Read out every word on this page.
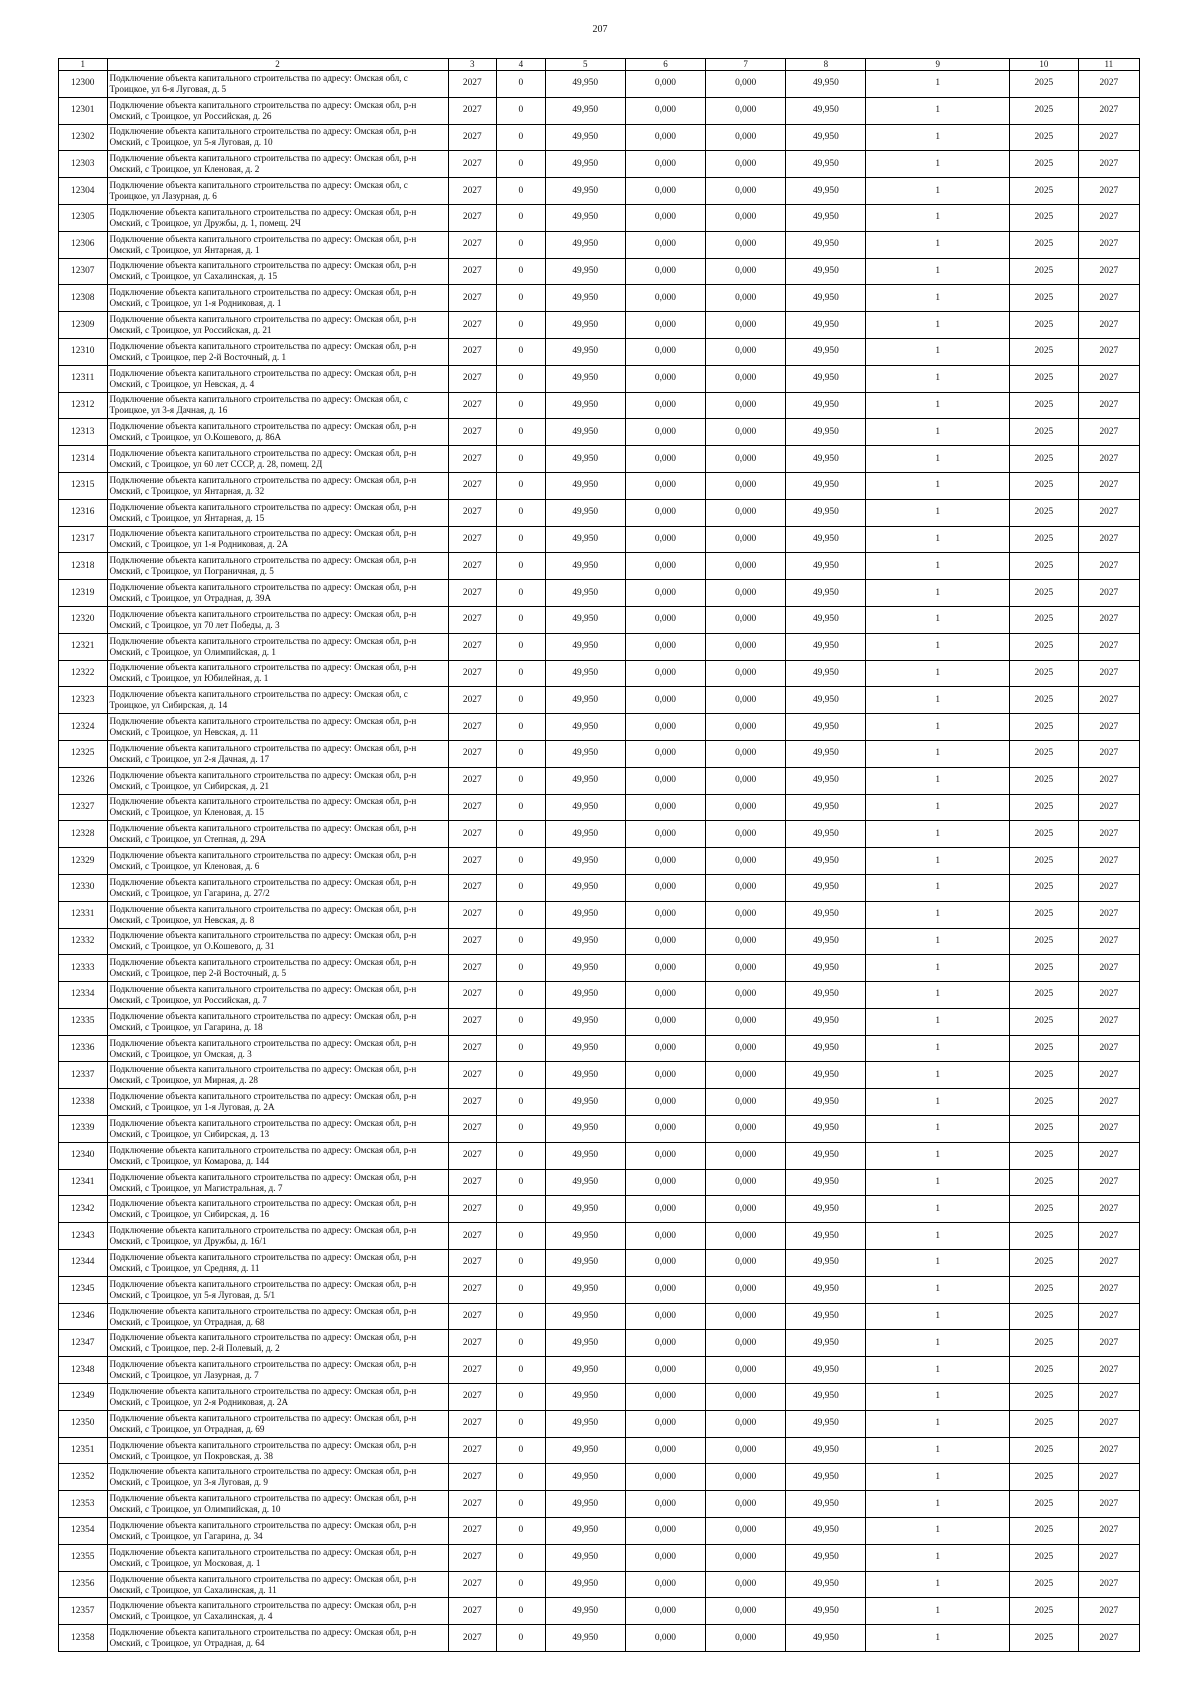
207
1	2	3	4	5	6	7	8	9	10	11
12300	Подключение объекта капитального строительства по адресу: Омская обл, с Троицкое, ул 6-я Луговая, д. 5	2027	0	49,950	0,000	0,000	49,950	1	2025	2027
12301	Подключение объекта капитального строительства по адресу: Омская обл, р-н Омский, с Троицкое, ул Российская, д. 26	2027	0	49,950	0,000	0,000	49,950	1	2025	2027
12302	Подключение объекта капитального строительства по адресу: Омская обл, р-н Омский, с Троицкое, ул 5-я Луговая, д. 10	2027	0	49,950	0,000	0,000	49,950	1	2025	2027
12303	Подключение объекта капитального строительства по адресу: Омская обл, р-н Омский, с Троицкое, ул Кленовая, д. 2	2027	0	49,950	0,000	0,000	49,950	1	2025	2027
12304	Подключение объекта капитального строительства по адресу: Омская обл, с Троицкое, ул Лазурная, д. 6	2027	0	49,950	0,000	0,000	49,950	1	2025	2027
12305	Подключение объекта капитального строительства по адресу: Омская обл, р-н Омский, с Троицкое, ул Дружбы, д. 1, помещ. 2Ч	2027	0	49,950	0,000	0,000	49,950	1	2025	2027
12306	Подключение объекта капитального строительства по адресу: Омская обл, р-н Омский, с Троицкое, ул Янтарная, д. 1	2027	0	49,950	0,000	0,000	49,950	1	2025	2027
12307	Подключение объекта капитального строительства по адресу: Омская обл, р-н Омский, с Троицкое, ул Сахалинская, д. 15	2027	0	49,950	0,000	0,000	49,950	1	2025	2027
12308	Подключение объекта капитального строительства по адресу: Омская обл, р-н Омский, с Троицкое, ул 1-я Родниковая, д. 1	2027	0	49,950	0,000	0,000	49,950	1	2025	2027
12309	Подключение объекта капитального строительства по адресу: Омская обл, р-н Омский, с Троицкое, ул Российская, д. 21	2027	0	49,950	0,000	0,000	49,950	1	2025	2027
12310	Подключение объекта капитального строительства по адресу: Омская обл, р-н Омский, с Троицкое, пер 2-й Восточный, д. 1	2027	0	49,950	0,000	0,000	49,950	1	2025	2027
12311	Подключение объекта капитального строительства по адресу: Омская обл, р-н Омский, с Троицкое, ул Невская, д. 4	2027	0	49,950	0,000	0,000	49,950	1	2025	2027
12312	Подключение объекта капитального строительства по адресу: Омская обл, с Троицкое, ул 3-я Дачная, д. 16	2027	0	49,950	0,000	0,000	49,950	1	2025	2027
12313	Подключение объекта капитального строительства по адресу: Омская обл, р-н Омский, с Троицкое, ул О.Кошевого, д. 86А	2027	0	49,950	0,000	0,000	49,950	1	2025	2027
12314	Подключение объекта капитального строительства по адресу: Омская обл, р-н Омский, с Троицкое, ул 60 лет СССР, д. 28, помещ. 2Д	2027	0	49,950	0,000	0,000	49,950	1	2025	2027
12315	Подключение объекта капитального строительства по адресу: Омская обл, р-н Омский, с Троицкое, ул Янтарная, д. 32	2027	0	49,950	0,000	0,000	49,950	1	2025	2027
12316	Подключение объекта капитального строительства по адресу: Омская обл, р-н Омский, с Троицкое, ул Янтарная, д. 15	2027	0	49,950	0,000	0,000	49,950	1	2025	2027
12317	Подключение объекта капитального строительства по адресу: Омская обл, р-н Омский, с Троицкое, ул 1-я Родниковая, д. 2А	2027	0	49,950	0,000	0,000	49,950	1	2025	2027
12318	Подключение объекта капитального строительства по адресу: Омская обл, р-н Омский, с Троицкое, ул Пограничная, д. 5	2027	0	49,950	0,000	0,000	49,950	1	2025	2027
12319	Подключение объекта капитального строительства по адресу: Омская обл, р-н Омский, с Троицкое, ул Отрадная, д. 39А	2027	0	49,950	0,000	0,000	49,950	1	2025	2027
12320	Подключение объекта капитального строительства по адресу: Омская обл, р-н Омский, с Троицкое, ул 70 лет Победы, д. 3	2027	0	49,950	0,000	0,000	49,950	1	2025	2027
12321	Подключение объекта капитального строительства по адресу: Омская обл, р-н Омский, с Троицкое, ул Олимпийская, д. 1	2027	0	49,950	0,000	0,000	49,950	1	2025	2027
12322	Подключение объекта капитального строительства по адресу: Омская обл, р-н Омский, с Троицкое, ул Юбилейная, д. 1	2027	0	49,950	0,000	0,000	49,950	1	2025	2027
12323	Подключение объекта капитального строительства по адресу: Омская обл, с Троицкое, ул Сибирская, д. 14	2027	0	49,950	0,000	0,000	49,950	1	2025	2027
12324	Подключение объекта капитального строительства по адресу: Омская обл, р-н Омский, с Троицкое, ул Невская, д. 11	2027	0	49,950	0,000	0,000	49,950	1	2025	2027
12325	Подключение объекта капитального строительства по адресу: Омская обл, р-н Омский, с Троицкое, ул 2-я Дачная, д. 17	2027	0	49,950	0,000	0,000	49,950	1	2025	2027
12326	Подключение объекта капитального строительства по адресу: Омская обл, р-н Омский, с Троицкое, ул Сибирская, д. 21	2027	0	49,950	0,000	0,000	49,950	1	2025	2027
12327	Подключение объекта капитального строительства по адресу: Омская обл, р-н Омский, с Троицкое, ул Кленовая, д. 15	2027	0	49,950	0,000	0,000	49,950	1	2025	2027
12328	Подключение объекта капитального строительства по адресу: Омская обл, р-н Омский, с Троицкое, ул Степная, д. 29А	2027	0	49,950	0,000	0,000	49,950	1	2025	2027
12329	Подключение объекта капитального строительства по адресу: Омская обл, р-н Омский, с Троицкое, ул Кленовая, д. 6	2027	0	49,950	0,000	0,000	49,950	1	2025	2027
12330	Подключение объекта капитального строительства по адресу: Омская обл, р-н Омский, с Троицкое, ул Гагарина, д. 27/2	2027	0	49,950	0,000	0,000	49,950	1	2025	2027
12331	Подключение объекта капитального строительства по адресу: Омская обл, р-н Омский, с Троицкое, ул Невская, д. 8	2027	0	49,950	0,000	0,000	49,950	1	2025	2027
12332	Подключение объекта капитального строительства по адресу: Омская обл, р-н Омский, с Троицкое, ул О.Кошевого, д. 31	2027	0	49,950	0,000	0,000	49,950	1	2025	2027
12333	Подключение объекта капитального строительства по адресу: Омская обл, р-н Омский, с Троицкое, пер 2-й Восточный, д. 5	2027	0	49,950	0,000	0,000	49,950	1	2025	2027
12334	Подключение объекта капитального строительства по адресу: Омская обл, р-н Омский, с Троицкое, ул Российская, д. 7	2027	0	49,950	0,000	0,000	49,950	1	2025	2027
12335	Подключение объекта капитального строительства по адресу: Омская обл, р-н Омский, с Троицкое, ул Гагарина, д. 18	2027	0	49,950	0,000	0,000	49,950	1	2025	2027
12336	Подключение объекта капитального строительства по адресу: Омская обл, р-н Омский, с Троицкое, ул Омская, д. 3	2027	0	49,950	0,000	0,000	49,950	1	2025	2027
12337	Подключение объекта капитального строительства по адресу: Омская обл, р-н Омский, с Троицкое, ул Мирная, д. 28	2027	0	49,950	0,000	0,000	49,950	1	2025	2027
12338	Подключение объекта капитального строительства по адресу: Омская обл, р-н Омский, с Троицкое, ул 1-я Луговая, д. 2А	2027	0	49,950	0,000	0,000	49,950	1	2025	2027
12339	Подключение объекта капитального строительства по адресу: Омская обл, р-н Омский, с Троицкое, ул Сибирская, д. 13	2027	0	49,950	0,000	0,000	49,950	1	2025	2027
12340	Подключение объекта капитального строительства по адресу: Омская обл, р-н Омский, с Троицкое, ул Комарова, д. 144	2027	0	49,950	0,000	0,000	49,950	1	2025	2027
12341	Подключение объекта капитального строительства по адресу: Омская обл, р-н Омский, с Троицкое, ул Магистральная, д. 7	2027	0	49,950	0,000	0,000	49,950	1	2025	2027
12342	Подключение объекта капитального строительства по адресу: Омская обл, р-н Омский, с Троицкое, ул Сибирская, д. 16	2027	0	49,950	0,000	0,000	49,950	1	2025	2027
12343	Подключение объекта капитального строительства по адресу: Омская обл, р-н Омский, с Троицкое, ул Дружбы, д. 16/1	2027	0	49,950	0,000	0,000	49,950	1	2025	2027
12344	Подключение объекта капитального строительства по адресу: Омская обл, р-н Омский, с Троицкое, ул Средняя, д. 11	2027	0	49,950	0,000	0,000	49,950	1	2025	2027
12345	Подключение объекта капитального строительства по адресу: Омская обл, р-н Омский, с Троицкое, ул 5-я Луговая, д. 5/1	2027	0	49,950	0,000	0,000	49,950	1	2025	2027
12346	Подключение объекта капитального строительства по адресу: Омская обл, р-н Омский, с Троицкое, ул Отрадная, д. 68	2027	0	49,950	0,000	0,000	49,950	1	2025	2027
12347	Подключение объекта капитального строительства по адресу: Омская обл, р-н Омский, с Троицкое, пер. 2-й Полевый, д. 2	2027	0	49,950	0,000	0,000	49,950	1	2025	2027
12348	Подключение объекта капитального строительства по адресу: Омская обл, р-н Омский, с Троицкое, ул Лазурная, д. 7	2027	0	49,950	0,000	0,000	49,950	1	2025	2027
12349	Подключение объекта капитального строительства по адресу: Омская обл, р-н Омский, с Троицкое, ул 2-я Родниковая, д. 2А	2027	0	49,950	0,000	0,000	49,950	1	2025	2027
12350	Подключение объекта капитального строительства по адресу: Омская обл, р-н Омский, с Троицкое, ул Отрадная, д. 69	2027	0	49,950	0,000	0,000	49,950	1	2025	2027
12351	Подключение объекта капитального строительства по адресу: Омская обл, р-н Омский, с Троицкое, ул Покровская, д. 38	2027	0	49,950	0,000	0,000	49,950	1	2025	2027
12352	Подключение объекта капитального строительства по адресу: Омская обл, р-н Омский, с Троицкое, ул 3-я Луговая, д. 9	2027	0	49,950	0,000	0,000	49,950	1	2025	2027
12353	Подключение объекта капитального строительства по адресу: Омская обл, р-н Омский, с Троицкое, ул Олимпийская, д. 10	2027	0	49,950	0,000	0,000	49,950	1	2025	2027
12354	Подключение объекта капитального строительства по адресу: Омская обл, р-н Омский, с Троицкое, ул Гагарина, д. 34	2027	0	49,950	0,000	0,000	49,950	1	2025	2027
12355	Подключение объекта капитального строительства по адресу: Омская обл, р-н Омский, с Троицкое, ул Московая, д. 1	2027	0	49,950	0,000	0,000	49,950	1	2025	2027
12356	Подключение объекта капитального строительства по адресу: Омская обл, р-н Омский, с Троицкое, ул Сахалинская, д. 11	2027	0	49,950	0,000	0,000	49,950	1	2025	2027
12357	Подключение объекта капитального строительства по адресу: Омская обл, р-н Омский, с Троицкое, ул Сахалинская, д. 4	2027	0	49,950	0,000	0,000	49,950	1	2025	2027
12358	Подключение объекта капитального строительства по адресу: Омская обл, р-н Омский, с Троицкое, ул Отрадная, д. 64	2027	0	49,950	0,000	0,000	49,950	1	2025	2027
